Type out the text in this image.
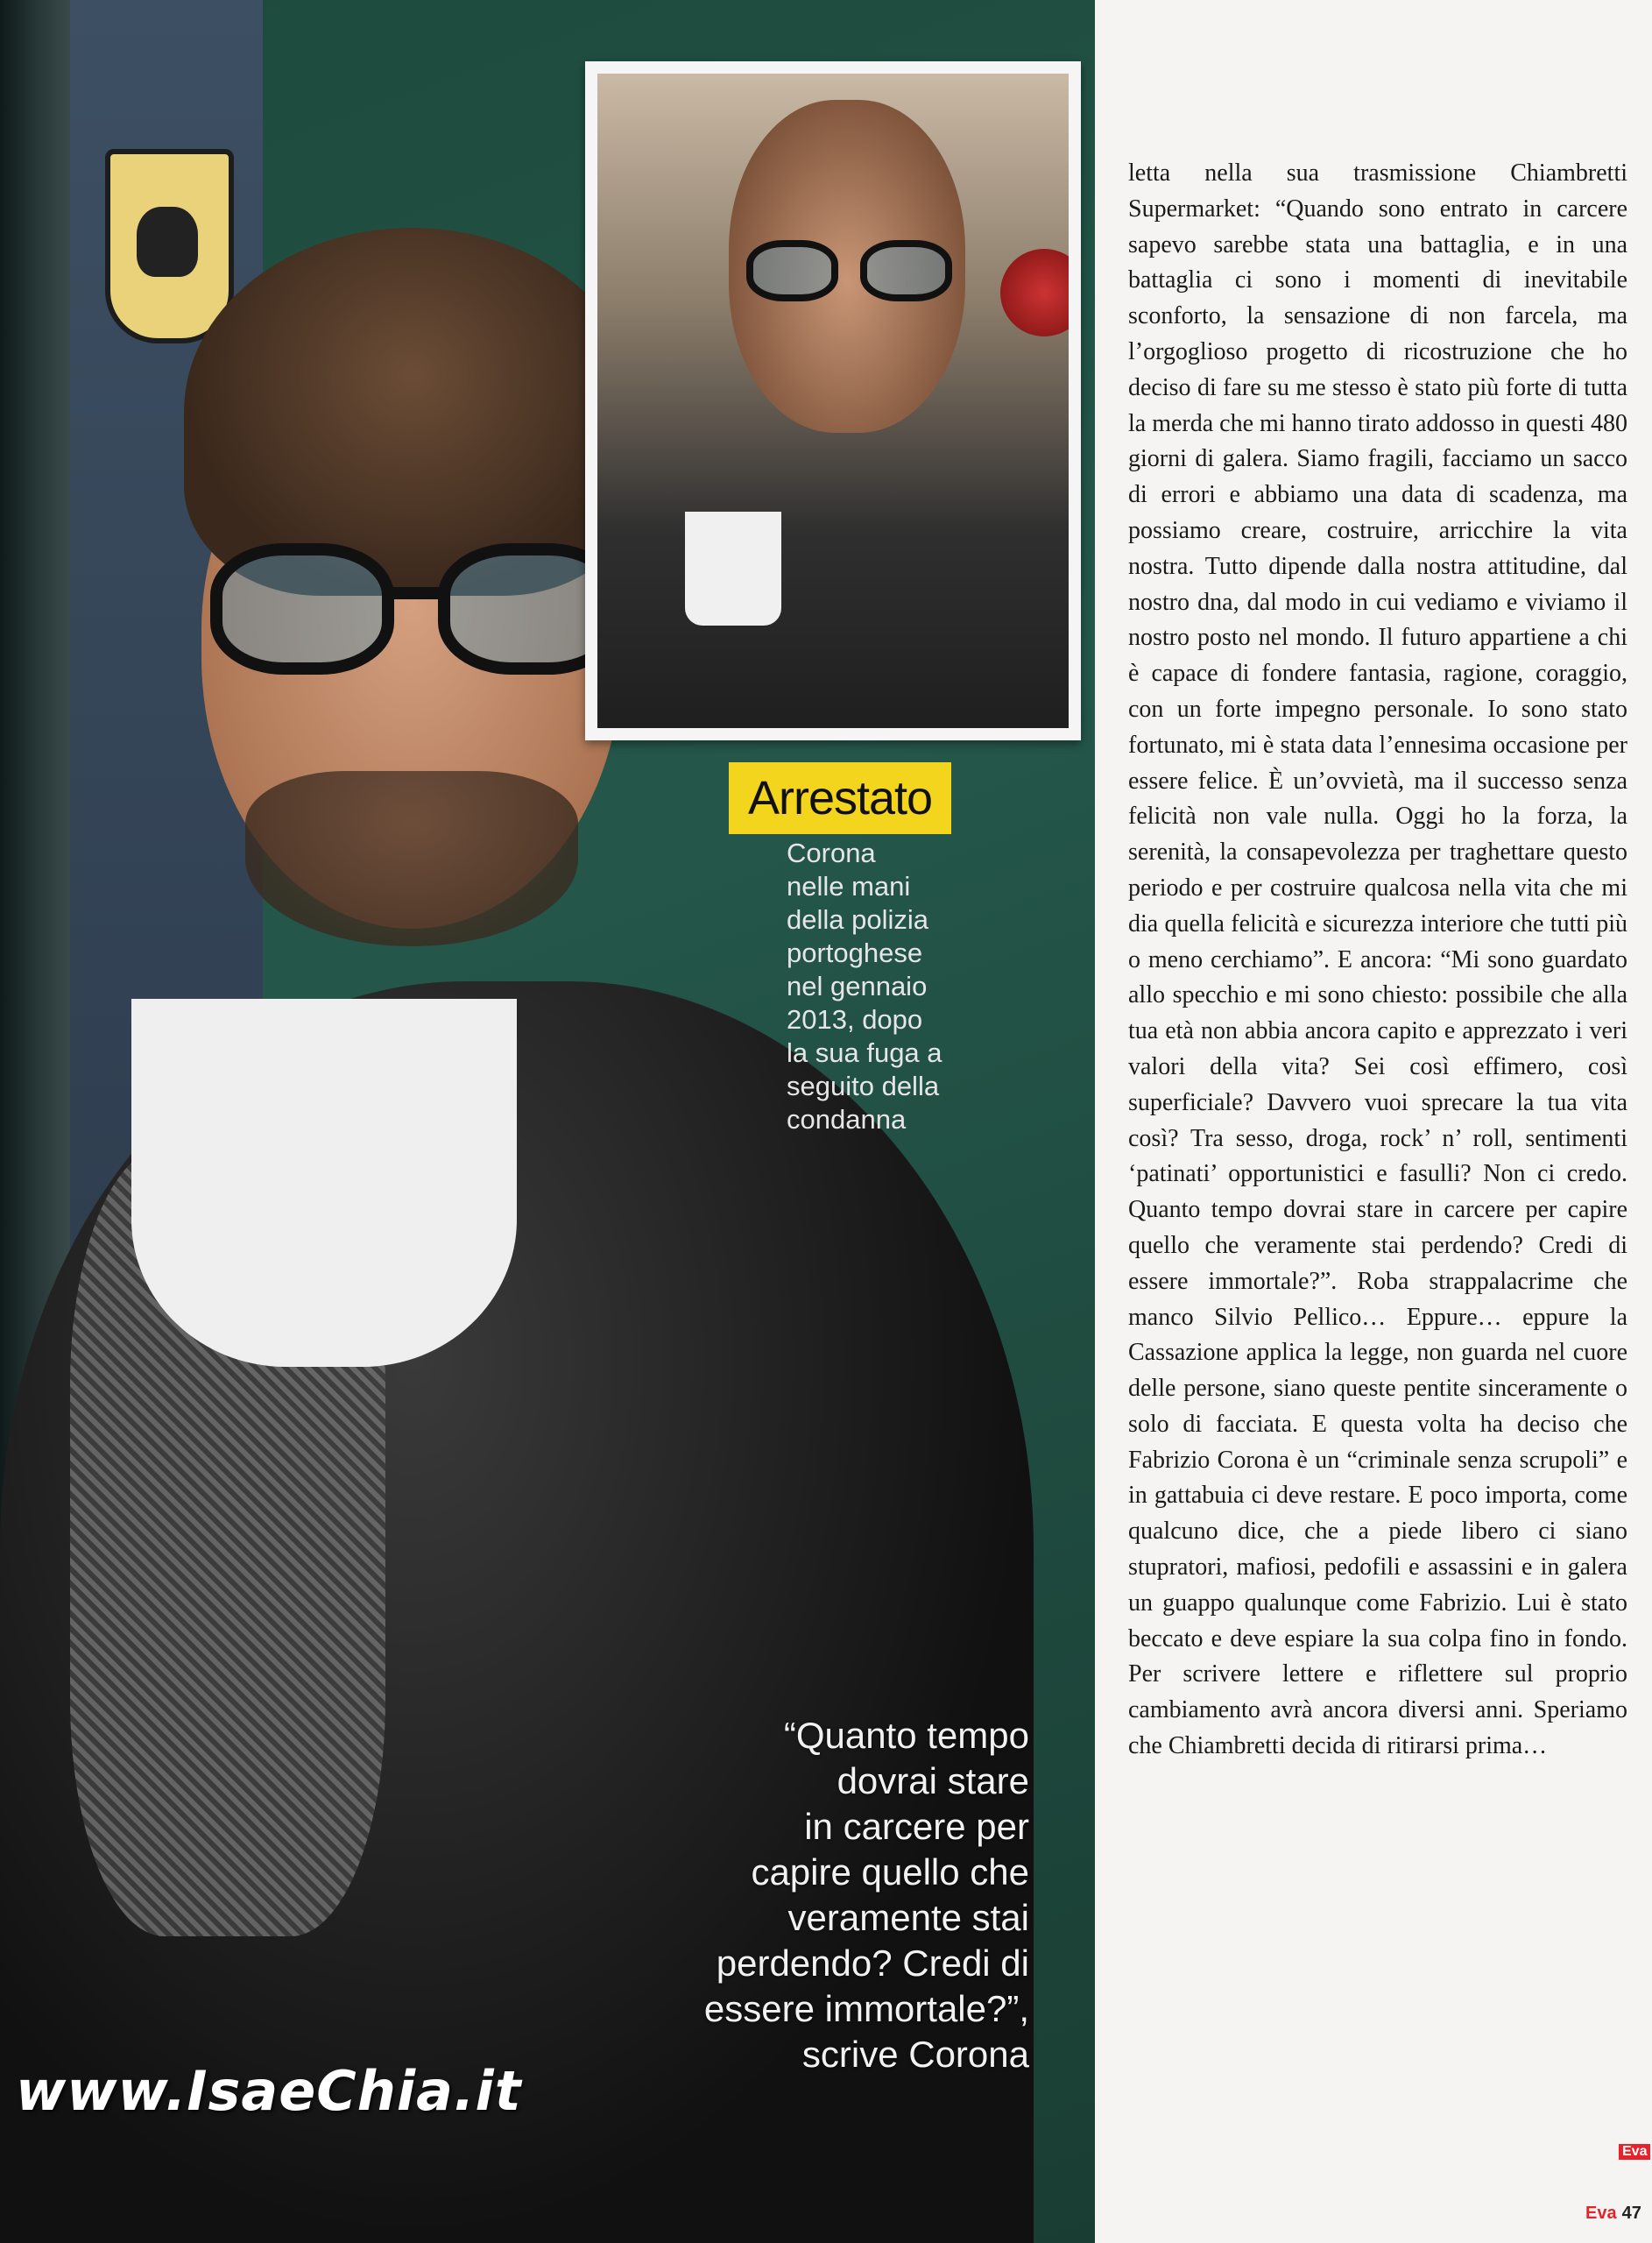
Arrestato
Corona
nelle mani
della polizia
portoghese
nel gennaio
2013, dopo
la sua fuga a
seguito della
condanna
“Quanto tempo
dovrai stare
in carcere per
capire quello che
veramente stai
perdendo? Credi di
essere immortale?”,
scrive Corona
www.IsaeChia.it
letta nella sua trasmissione Chiambretti Supermarket: “Quando sono entrato in carcere sapevo sarebbe stata una battaglia, e in una battaglia ci sono i momenti di inevitabile sconforto, la sensazione di non farcela, ma l’orgoglioso progetto di ricostruzione che ho deciso di fare su me stesso è stato più forte di tutta la merda che mi hanno tirato addosso in questi 480 giorni di galera. Siamo fragili, facciamo un sacco di errori e abbiamo una data di scadenza, ma possiamo creare, costruire, arricchire la vita nostra. Tutto dipende dalla nostra attitudine, dal nostro dna, dal modo in cui vediamo e viviamo il nostro posto nel mondo. Il futuro appartiene a chi è capace di fondere fantasia, ragione, coraggio, con un forte impegno personale. Io sono stato fortunato, mi è stata data l’ennesima occasione per essere felice. È un’ovvietà, ma il successo senza felicità non vale nulla. Oggi ho la forza, la serenità, la consapevolezza per traghettare questo periodo e per costruire qualcosa nella vita che mi dia quella felicità e sicurezza interiore che tutti più o meno cerchiamo”. E ancora: “Mi sono guardato allo specchio e mi sono chiesto: possibile che alla tua età non abbia ancora capito e apprezzato i veri valori della vita? Sei così effimero, così superficiale? Davvero vuoi sprecare la tua vita così? Tra sesso, droga, rock’ n’ roll, sentimenti ‘patinati’ opportunistici e fasulli? Non ci credo. Quanto tempo dovrai stare in carcere per capire quello che veramente stai perdendo? Credi di essere immortale?”. Roba strappalacrime che manco Silvio Pellico… Eppure… eppure la Cassazione applica la legge, non guarda nel cuore delle persone, siano queste pentite sinceramente o solo di facciata. E questa volta ha deciso che Fabrizio Corona è un “criminale senza scrupoli” e in gattabuia ci deve restare. E poco importa, come qualcuno dice, che a piede libero ci siano stupratori, mafiosi, pedofili e assassini e in galera un guappo qualunque come Fabrizio. Lui è stato beccato e deve espiare la sua colpa fino in fondo. Per scrivere lettere e riflettere sul proprio cambiamento avrà ancora diversi anni. Speriamo che Chiambretti decida di ritirarsi prima…
Eva
Eva 47
